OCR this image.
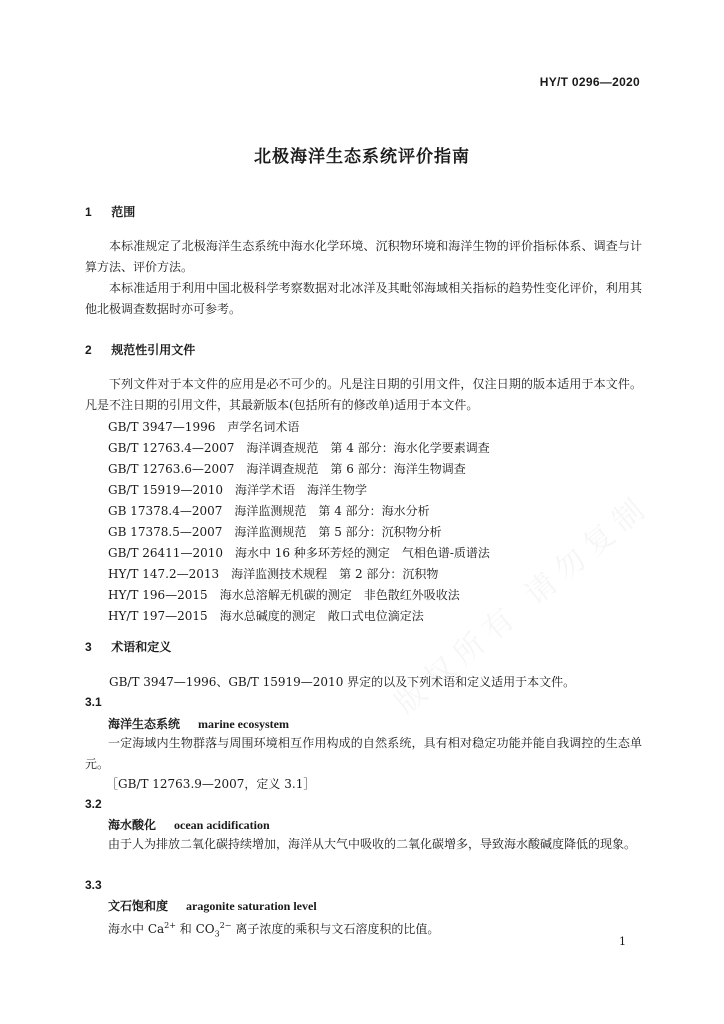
HY/T 0296—2020
北极海洋生态系统评价指南
1 范围
本标准规定了北极海洋生态系统中海水化学环境、沉积物环境和海洋生物的评价指标体系、调查与计算方法、评价方法。
本标准适用于利用中国北极科学考察数据对北冰洋及其毗邻海域相关指标的趋势性变化评价，利用其他北极调查数据时亦可参考。
2 规范性引用文件
下列文件对于本文件的应用是必不可少的。凡是注日期的引用文件，仅注日期的版本适用于本文件。凡是不注日期的引用文件，其最新版本(包括所有的修改单)适用于本文件。
GB/T 3947—1996　声学名词术语
GB/T 12763.4—2007　海洋调查规范　第 4 部分：海水化学要素调查
GB/T 12763.6—2007　海洋调查规范　第 6 部分：海洋生物调查
GB/T 15919—2010　海洋学术语　海洋生物学
GB 17378.4—2007　海洋监测规范　第 4 部分：海水分析
GB 17378.5—2007　海洋监测规范　第 5 部分：沉积物分析
GB/T 26411—2010　海水中 16 种多环芳烃的测定　气相色谱-质谱法
HY/T 147.2—2013　海洋监测技术规程　第 2 部分：沉积物
HY/T 196—2015　海水总溶解无机碳的测定　非色散红外吸收法
HY/T 197—2015　海水总碱度的测定　敞口式电位滴定法
3 术语和定义
GB/T 3947—1996、GB/T 15919—2010 界定的以及下列术语和定义适用于本文件。
3.1
海洋生态系统 marine ecosystem
一定海域内生物群落与周围环境相互作用构成的自然系统，具有相对稳定功能并能自我调控的生态单元。
［GB/T 12763.9—2007，定义 3.1］
3.2
海水酸化 ocean acidification
由于人为排放二氧化碳持续增加，海洋从大气中吸收的二氧化碳增多，导致海水酸碱度降低的现象。
3.3
文石饱和度 aragonite saturation level
海水中 $Ca^{2+}$ 和 $CO_3^{2-}$ 离子浓度的乘积与文石溶度积的比值。
1
